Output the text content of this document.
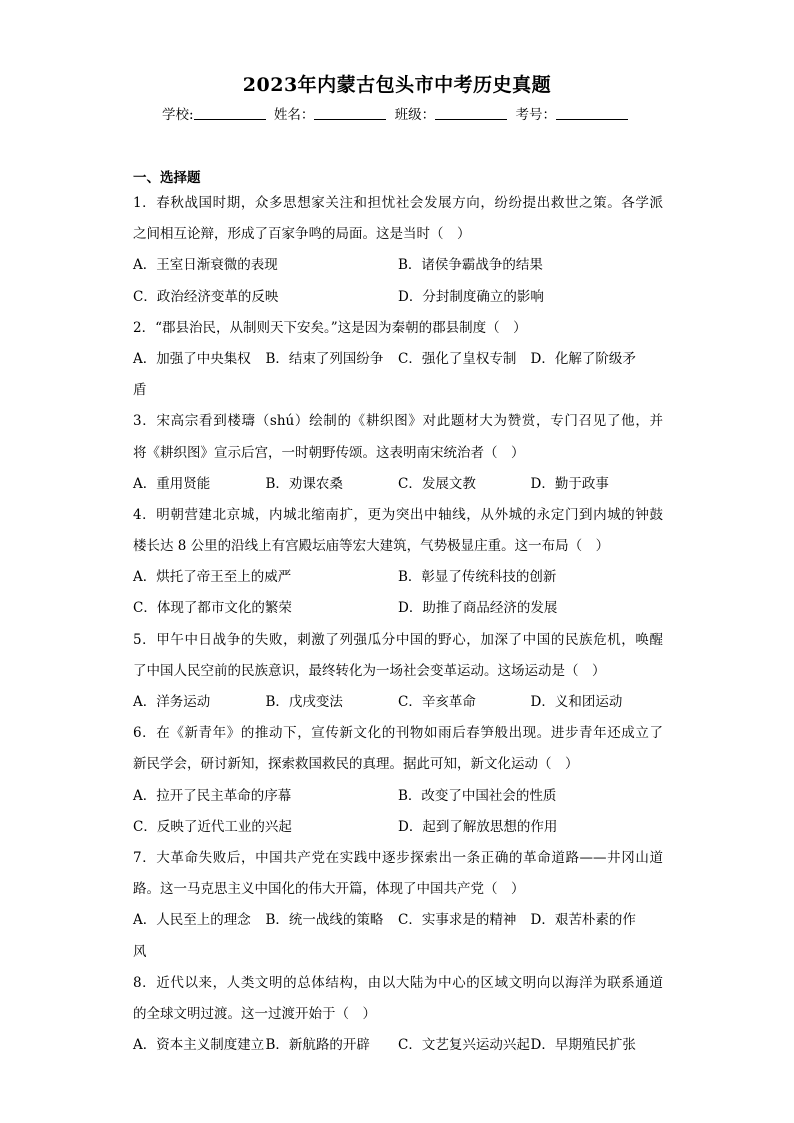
2023年内蒙古包头市中考历史真题
学校:	姓名：	班级：	考号：
一、选择题
1．春秋战国时期，众多思想家关注和担忧社会发展方向，纷纷提出救世之策。各学派
之间相互论辩，形成了百家争鸣的局面。这是当时（　）
A．王室日渐衰微的表现	B．诸侯争霸战争的结果
C．政治经济变革的反映	D．分封制度确立的影响
2．“郡县治民，从制则天下安矣。”这是因为秦朝的郡县制度（　）
A．加强了中央集权	B．结束了列国纷争	C．强化了皇权专制	D．化解了阶级矛
盾
3．宋高宗看到楼璹（shú）绘制的《耕织图》对此题材大为赞赏，专门召见了他，并
将《耕织图》宣示后宫，一时朝野传颂。这表明南宋统治者（　）
A．重用贤能	B．劝课农桑	C．发展文教	D．勤于政事
4．明朝营建北京城，内城北缩南扩，更为突出中轴线，从外城的永定门到内城的钟鼓
楼长达 8 公里的沿线上有宫殿坛庙等宏大建筑，气势极显庄重。这一布局（　）
A．烘托了帝王至上的威严	B．彰显了传统科技的创新
C．体现了都市文化的繁荣	D．助推了商品经济的发展
5．甲午中日战争的失败，刺激了列强瓜分中国的野心，加深了中国的民族危机，唤醒
了中国人民空前的民族意识，最终转化为一场社会变革运动。这场运动是（　）
A．洋务运动	B．戊戌变法	C．辛亥革命	D．义和团运动
6．在《新青年》的推动下，宣传新文化的刊物如雨后春笋般出现。进步青年还成立了
新民学会，研讨新知，探索救国救民的真理。据此可知，新文化运动（　）
A．拉开了民主革命的序幕	B．改变了中国社会的性质
C．反映了近代工业的兴起	D．起到了解放思想的作用
7．大革命失败后，中国共产党在实践中逐步探索出一条正确的革命道路——井冈山道
路。这一马克思主义中国化的伟大开篇，体现了中国共产党（　）
A．人民至上的理念	B．统一战线的策略	C．实事求是的精神	D．艰苦朴素的作
风
8．近代以来，人类文明的总体结构，由以大陆为中心的区域文明向以海洋为联系通道
的全球文明过渡。这一过渡开始于（　）
A．资本主义制度建立 B．新航路的开辟	C．文艺复兴运动兴起 D．早期殖民扩张
